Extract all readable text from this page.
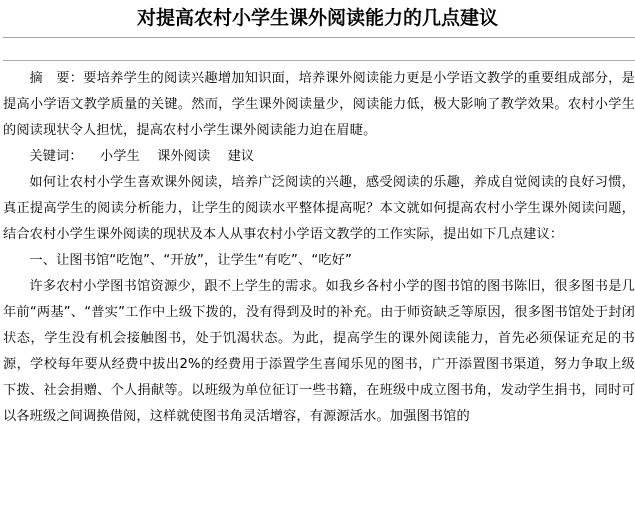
对提高农村小学生课外阅读能力的几点建议

摘　要：要培养学生的阅读兴趣增加知识面，培养课外阅读能力更是小学语文教学的重要组成部分，是提高小学语文教学质量的关键。然而，学生课外阅读量少，阅读能力低，极大影响了教学效果。农村小学生的阅读现状令人担忧，提高农村小学生课外阅读能力迫在眉睫。

关键词： 小学生 课外阅读 建议

如何让农村小学生喜欢课外阅读，培养广泛阅读的兴趣，感受阅读的乐趣，养成自觉阅读的良好习惯，真正提高学生的阅读分析能力，让学生的阅读水平整体提高呢？本文就如何提高农村小学生课外阅读问题，结合农村小学生课外阅读的现状及本人从事农村小学语文教学的工作实际，提出如下几点建议：

一、让图书馆“吃饱”、“开放”，让学生“有吃”、“吃好”

许多农村小学图书馆资源少，跟不上学生的需求。如我乡各村小学的图书馆的图书陈旧，很多图书是几年前“两基”、“普实”工作中上级下拨的，没有得到及时的补充。由于师资缺乏等原因，很多图书馆处于封闭状态，学生没有机会接触图书，处于饥渴状态。为此，提高学生的课外阅读能力，首先必须保证充足的书源，学校每年要从经费中拔出2%的经费用于添置学生喜闻乐见的图书，广开添置图书渠道，努力争取上级下拨、社会捐赠、个人捐献等。以班级为单位征订一些书籍，在班级中成立图书角，发动学生捐书，同时可以各班级之间调换借阅，这样就使图书角灵活增容，有源源活水。加强图书馆的
